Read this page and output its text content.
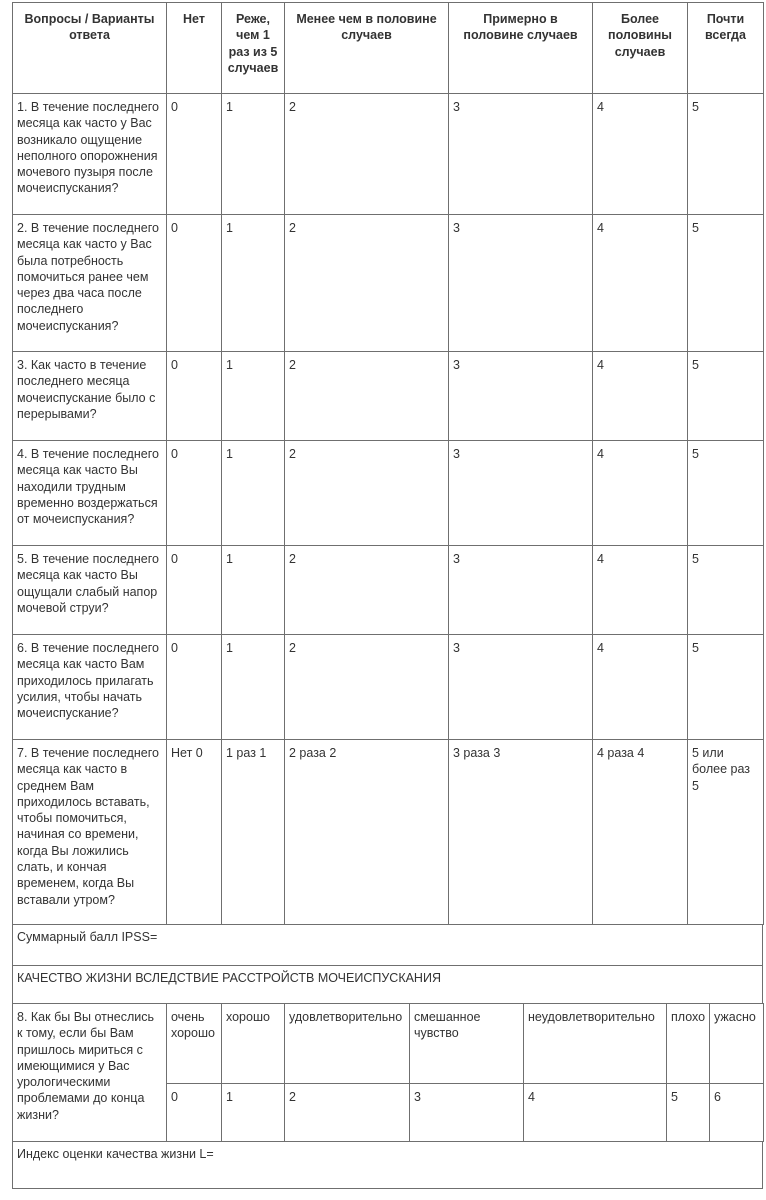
Вопросы / Варианты ответа	Нет	Реже, чем 1 раз из 5 случаев	Менее чем в половине случаев	Примерно в половине случаев	Более половины случаев	Почти всегда
1. В течение последнего месяца как часто у Вас возникало ощущение неполного опорожнения мочевого пузыря после мочеиспускания?	0	1	2	3	4	5
2. В течение последнего месяца как часто у Вас была потребность помочиться ранее чем через два часа после последнего мочеиспускания?	0	1	2	3	4	5
3. Как часто в течение последнего месяца мочеиспускание было с перерывами?	0	1	2	3	4	5
4. В течение последнего месяца как часто Вы находили трудным временно воздержаться от мочеиспускания?	0	1	2	3	4	5
5. В течение последнего месяца как часто Вы ощущали слабый напор мочевой струи?	0	1	2	3	4	5
6. В течение последнего месяца как часто Вам приходилось прилагать усилия, чтобы начать мочеиспускание?	0	1	2	3	4	5
7. В течение последнего месяца как часто в среднем Вам приходилось вставать, чтобы помочиться, начиная со времени, когда Вы ложились слать, и кончая временем, когда Вы вставали утром?	Нет 0	1 раз 1	2 раза 2	3 раза 3	4 раза 4	5 или более раз 5
Суммарный балл IPSS=
КАЧЕСТВО ЖИЗНИ ВСЛЕДСТВИЕ РАССТРОЙСТВ МОЧЕИСПУСКАНИЯ
8. Как бы Вы отнеслись к тому, если бы Вам пришлось мириться с имеющимися у Вас урологическими проблемами до конца жизни?	очень хорошо	хорошо	удовлетворительно	смешанное чувство	неудовлетворительно	плохо	ужасно
	0	1	2	3	4	5	6
Индекс оценки качества жизни L=
